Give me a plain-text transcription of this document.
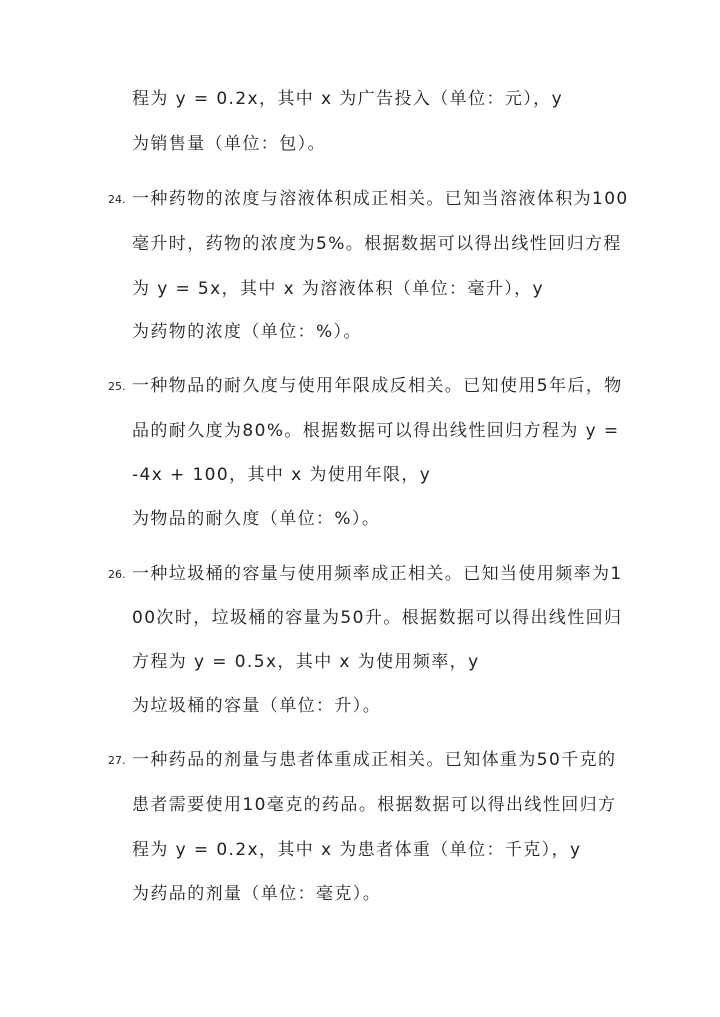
程为 y = 0.2x，其中 x 为广告投入（单位：元），y
为销售量（单位：包）。
24. 一种药物的浓度与溶液体积成正相关。已知当溶液体积为100
毫升时，药物的浓度为5%。根据数据可以得出线性回归方程
为 y = 5x，其中 x 为溶液体积（单位：毫升），y
为药物的浓度（单位：%）。
25. 一种物品的耐久度与使用年限成反相关。已知使用5年后，物
品的耐久度为80%。根据数据可以得出线性回归方程为 y =
-4x + 100，其中 x 为使用年限，y
为物品的耐久度（单位：%）。
26. 一种垃圾桶的容量与使用频率成正相关。已知当使用频率为1
00次时，垃圾桶的容量为50升。根据数据可以得出线性回归
方程为 y = 0.5x，其中 x 为使用频率，y
为垃圾桶的容量（单位：升）。
27. 一种药品的剂量与患者体重成正相关。已知体重为50千克的
患者需要使用10毫克的药品。根据数据可以得出线性回归方
程为 y = 0.2x，其中 x 为患者体重（单位：千克），y
为药品的剂量（单位：毫克）。
